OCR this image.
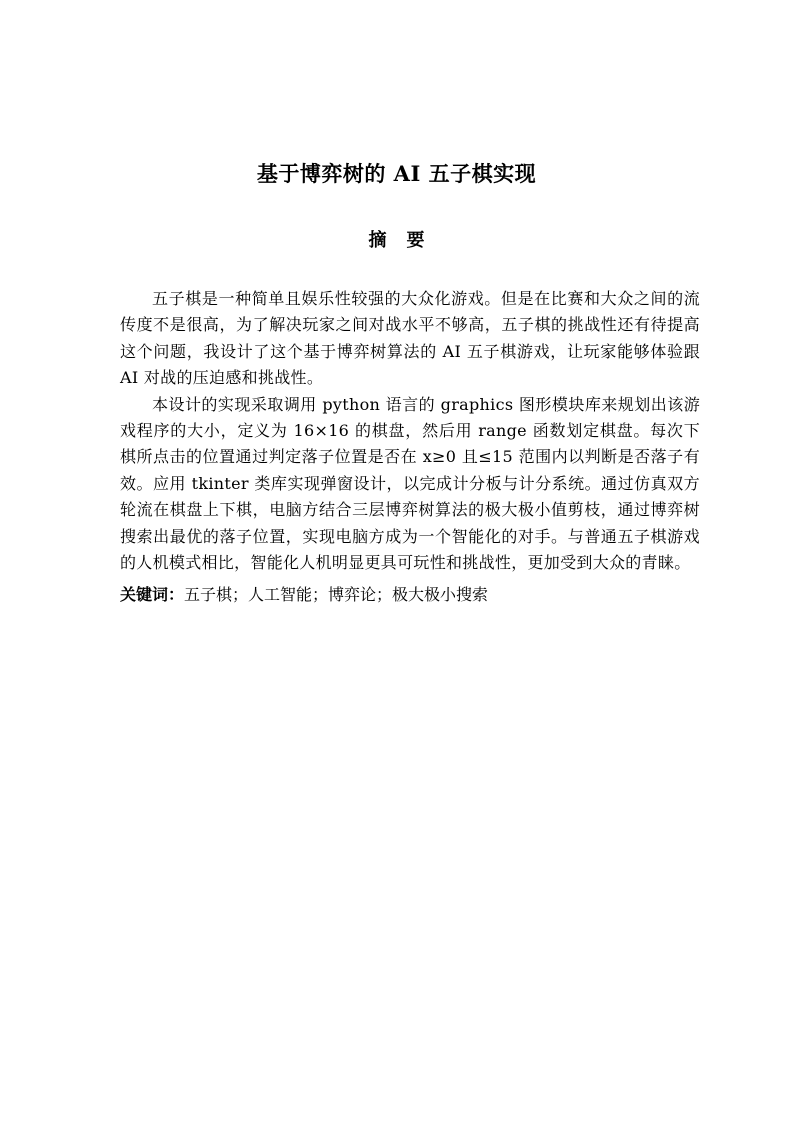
基于博弈树的 AI 五子棋实现
摘要

五子棋是一种简单且娱乐性较强的大众化游戏。但是在比赛和大众之间的流传度不是很高，为了解决玩家之间对战水平不够高，五子棋的挑战性还有待提高这个问题，我设计了这个基于博弈树算法的 AI 五子棋游戏，让玩家能够体验跟 AI 对战的压迫感和挑战性。

本设计的实现采取调用 python 语言的 graphics 图形模块库来规划出该游戏程序的大小，定义为 16×16 的棋盘，然后用 range 函数划定棋盘。每次下棋所点击的位置通过判定落子位置是否在 x≥0 且≤15 范围内以判断是否落子有效。应用 tkinter 类库实现弹窗设计，以完成计分板与计分系统。通过仿真双方轮流在棋盘上下棋，电脑方结合三层博弈树算法的极大极小值剪枝，通过博弈树搜索出最优的落子位置，实现电脑方成为一个智能化的对手。与普通五子棋游戏的人机模式相比，智能化人机明显更具可玩性和挑战性，更加受到大众的青睐。

关键词：五子棋；人工智能；博弈论；极大极小搜索
